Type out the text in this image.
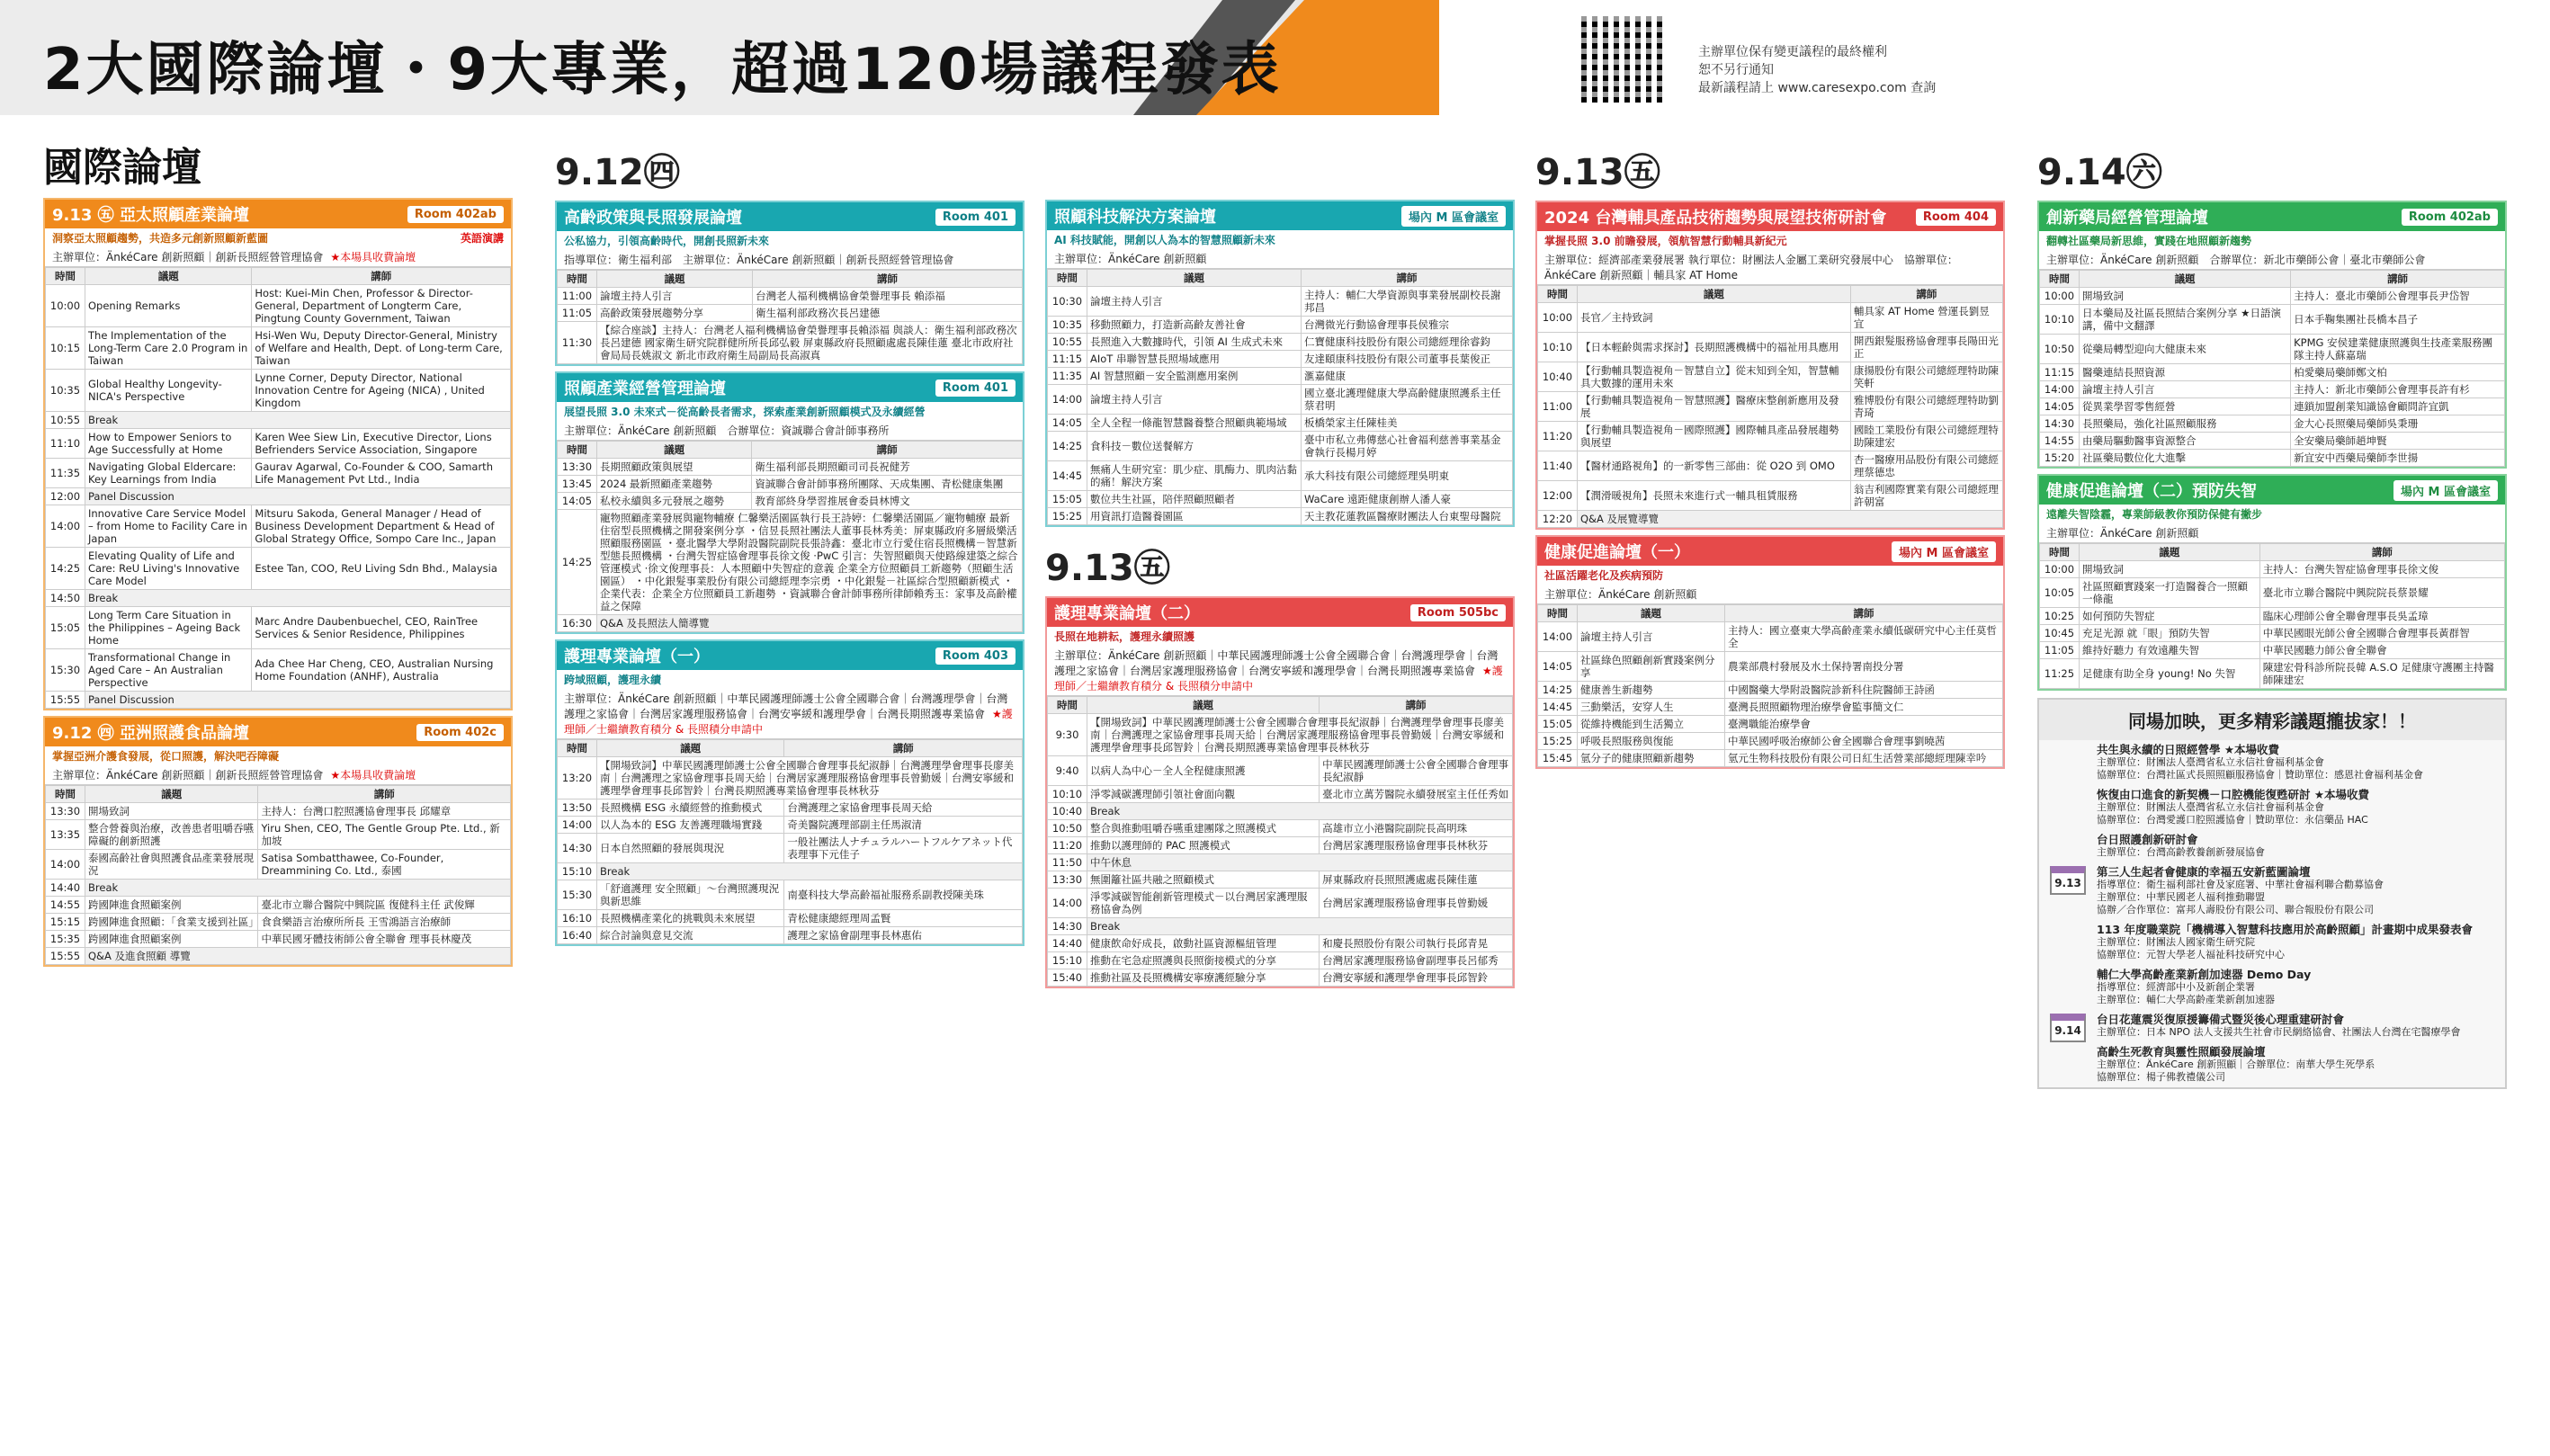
2大國際論壇・9大專業，超過120場議程發表	主辦單位保有變更議程的最終權利
恕不另行通知
最新議程請上 www.caresexpo.com 查詢
國際論壇
9.13 ㊄ 亞太照顧產業論壇	Room 402ab
洞察亞太照顧趨勢，共造多元創新照顧新藍圖	英語演講
主辦單位：ÄnkéCare 創新照顧｜創新長照經營管理協會 ★本場具收費論壇
時間	議題	講師
10:00	Opening Remarks	Host: Kuei-Min Chen, Professor & Director-General, Department of Longterm Care, Pingtung County Government, Taiwan
10:15	The Implementation of the Long-Term Care 2.0 Program in Taiwan	Hsi-Wen Wu, Deputy Director-General, Ministry of Welfare and Health, Dept. of Long-term Care, Taiwan
10:35	Global Healthy Longevity-NICA's Perspective	Lynne Corner, Deputy Director, National Innovation Centre for Ageing (NICA) , United Kingdom
10:55	Break	
11:10	How to Empower Seniors to Age Successfully at Home	Karen Wee Siew Lin, Executive Director, Lions Befrienders Service Association, Singapore
11:35	Navigating Global Eldercare: Key Learnings from India	Gaurav Agarwal, Co-Founder & COO, Samarth Life Management Pvt Ltd., India
12:00	Panel Discussion	
14:00	Innovative Care Service Model – from Home to Facility Care in Japan	Mitsuru Sakoda, General Manager / Head of Business Development Department & Head of Global Strategy Office, Sompo Care Inc., Japan
14:25	Elevating Quality of Life and Care: ReU Living's Innovative Care Model	Estee Tan, COO, ReU Living Sdn Bhd., Malaysia
14:50	Break	
15:05	Long Term Care Situation in the Philippines – Ageing Back Home	Marc Andre Daubenbuechel, CEO, RainTree Services & Senior Residence, Philippines
15:30	Transformational Change in Aged Care – An Australian Perspective	Ada Chee Har Cheng, CEO, Australian Nursing Home Foundation (ANHF), Australia
15:55	Panel Discussion	
9.12 ㊃ 亞洲照護食品論壇	Room 402c
掌握亞洲介護食發展，從口照護，解決吧吞障礙
主辦單位：ÄnkéCare 創新照顧｜創新長照經營管理協會 ★本場具收費論壇
時間	議題	講師
13:30	開場致詞	主持人：台灣口腔照護協會理事長 邱耀章
13:35	整合營養與治療，改善患者咀嚼吞嚥障礙的創新照護	Yiru Shen, CEO, The Gentle Group Pte. Ltd., 新加坡
14:00	泰國高齡社會與照護食品產業發展現況	Satisa Sombatthawee, Co-Founder, Dreammining Co. Ltd., 泰國
14:40	Break	
14:55	跨國陣進食照顧案例	臺北市立聯合醫院中興院區 復健科主任 武俊輝
15:15	跨國陣進食照顧：「食業支援到社區」	食食樂語言治療所所長 王雪鴻語言治療師
15:35	跨國陣進食照顧案例	中華民國牙體技術師公會全聯會 理事長林慶茂
15:55	Q&A 及進食照顧 導覽	
9.12㊃
高齡政策與長照發展論壇	Room 401
公私協力，引領高齡時代，開創長照新未來
指導單位：衛生福利部　 主辦單位：ÄnkéCare 創新照顧｜創新長照經營管理協會
時間	議題	講師
11:00	論壇主持人引言	台灣老人福利機構協會榮譽理事長 賴添福
11:05	高齡政策發展趨勢分享	衛生福利部政務次長呂建德
11:30	【綜合座談】主持人：台灣老人福利機構協會榮譽理事長賴添福 與談人：衛生福利部政務次長呂建德 國家衛生研究院群健所所長邱弘毅 屏東縣政府長照顧處處長陳佳蓮 臺北市政府社會局局長姚淑文 新北市政府衛生局副局長高淑真	
照顧產業經營管理論壇	Room 401
展望長照 3.0 未來式－從高齡長者需求，探索產業創新照顧模式及永續經營
主辦單位：ÄnkéCare 創新照顧　 合辦單位：資誠聯合會計師事務所
時間	議題	講師
13:30	長期照顧政策與展望	衛生福利部長期照顧司司長祝健芳
13:45	2024 最新照顧產業趨勢	資誠聯合會計師事務所團隊、天成集團、青松健康集團
14:05	私校永續與多元發展之趨勢	教育部終身學習推展會委員林博文
14:25	寵物照顧產業發展與寵物輔療 仁馨樂活園區執行長王詩婷：仁馨樂活園區／寵物輔療 最新住宿型長照機構之開發案例分享 ・信昱長照社團法人董事長林秀美：屏東縣政府多層級樂活照顧服務園區 ・臺北醫學大學附設醫院副院長張詩鑫：臺北市立行愛住宿長照機構－智慧新型態長照機構 ・台灣失智症協會理事長徐文俊 ‧PwC 引言：失智照顧與天使路線建築之綜合管運模式 ‧徐文俊理事長：人本照顧中失智症的意義 企業全方位照顧員工新趨勢（照顧生活園區） ・中化銀髮事業股份有限公司總經理李宗勇 ・中化銀髮－社區綜合型照顧新模式 ・企業代表：企業全方位照顧員工新趨勢 ・資誠聯合會計師事務所律師賴秀玉：家事及高齡權益之保障	
16:30	Q&A 及長照法人簡導覽	
護理專業論壇（一）	Room 403
跨域照顧，護理永續
主辦單位：ÄnkéCare 創新照顧｜中華民國護理師護士公會全國聯合會｜台灣護理學會｜台灣護理之家協會｜台灣居家護理服務協會｜台灣安寧緩和護理學會｜台灣長期照護專業協會 ★護理師／士繼續教育積分 & 長照積分申請中
時間	議題	講師
13:20	【開場致詞】中華民國護理師護士公會全國聯合會理事長紀淑靜｜台灣護理學會理事長廖美南｜台灣護理之家協會理事長周天給｜台灣居家護理服務協會理事長曾勤媛｜台灣安寧緩和護理學會理事長邱智鈴｜台灣長期照護專業協會理事長林秋芬	
13:50	長照機構 ESG 永續經營的推動模式	台灣護理之家協會理事長周天給
14:00	以人為本的 ESG 友善護理職場實踐	奇美醫院護理部副主任馬淑清
14:30	日本自然照顧的發展與現況	一般社團法人ナチュラルハートフルケアネット代表理事下元佳子
15:10	Break	
15:30	「舒適護理 安全照顧」～台灣照護現況與新思維	南臺科技大學高齡福祉服務系副教授陳美珠
16:10	長照機構產業化的挑戰與未來展望	青松健康總經理周孟賢
16:40	綜合討論與意見交流	護理之家協會副理事長林惠佑
照顧科技解決方案論壇	場內 M 區會議室
AI 科技賦能，開創以人為本的智慧照顧新未來
主辦單位：ÄnkéCare 創新照顧
時間	議題	講師
10:30	論壇主持人引言	主持人：輔仁大學資源與事業發展副校長謝邦昌
10:35	移動照顧力，打造新高齡友善社會	台灣微光行動協會理事長侯雅宗
10:55	長照進入大數據時代，引領 AI 生成式未來	仁寶健康科技股份有限公司總經理徐睿鈞
11:15	AIoT 串聯智慧長照場域應用	友達頤康科技股份有限公司董事長葉俊正
11:35	AI 智慧照顧－安全監測應用案例	滙嘉健康
14:00	論壇主持人引言	國立臺北護理健康大學高齡健康照護系主任蔡君明
14:05	全人全程一條龍智慧醫養整合照顧典範場域	板橋榮家主任陳桂美
14:25	食科技－數位送餐解方	臺中市私立弗傳慈心社會福利慈善事業基金會執行長楊月婷
14:45	無痛人生研究室：肌少症、肌酶力、肌肉沾黏的痛！解決方案	承大科技有限公司總經理吳明東
15:05	數位共生社區，陪伴照顧照顧者	WaCare 遠距健康創辦人潘人豪
15:25	用資訊打造醫養園區	天主教花蓮教區醫療財團法人台東聖母醫院
9.13㊄
護理專業論壇（二）	Room 505bc
長照在地耕耘，護理永續照護
主辦單位：ÄnkéCare 創新照顧｜中華民國護理師護士公會全國聯合會｜台灣護理學會｜台灣護理之家協會｜台灣居家護理服務協會｜台灣安寧緩和護理學會｜台灣長期照護專業協會 ★護理師／士繼續教育積分 & 長照積分申請中
時間	議題	講師
9:30	【開場致詞】中華民國護理師護士公會全國聯合會理事長紀淑靜｜台灣護理學會理事長廖美南｜台灣護理之家協會理事長周天給｜台灣居家護理服務協會理事長曾勤媛｜台灣安寧緩和護理學會理事長邱智鈴｜台灣長期照護專業協會理事長林秋芬	
9:40	以病人為中心－全人全程健康照護	中華民國護理師護士公會全國聯合會理事長紀淑靜
10:10	淨零減碳護理師引領社會面向觀	臺北市立萬芳醫院永續發展室主任任秀如
10:40	Break	
10:50	整合與推動咀嚼吞嚥重建團隊之照護模式	高雄市立小港醫院副院長高明珠
11:20	推動以護理師的 PAC 照護模式	台灣居家護理服務協會理事長林秋芬
11:50	中午休息	
13:30	無圍籬社區共融之照顧模式	屏東縣政府長照照護處處長陳佳蓮
14:00	淨零減碳智能創新管理模式－以台灣居家護理服務協會為例	台灣居家護理服務協會理事長曾勤媛
14:30	Break	
14:40	健康飲命好成長，啟動社區資源樞紐管理	和慶長照股份有限公司執行長邱青晃
15:10	推動在宅急症照護與長照銜接模式的分享	台灣居家護理服務協會副理事長呂郁秀
15:40	推動社區及長照機構安寧療護經驗分享	台灣安寧緩和護理學會理事長邱智鈴
9.13㊄
2024 台灣輔具產品技術趨勢與展望技術研討會	Room 404
掌握長照 3.0 前瞻發展，領航智慧行動輔具新紀元
主辦單位：經濟部產業發展署 執行單位：財團法人金屬工業研究發展中心　 協辦單位：ÄnkéCare 創新照顧｜輔具家 AT Home
時間	議題	講師
10:00	長官／主持致詞	輔具家 AT Home 營運長劉昱宜
10:10	【日本輕齡與需求探討】長期照護機構中的福祉用具應用	開西銀髮服務協會理事長陽田光正
10:40	【行動輔具製造視角－智慧自立】從末知到全知，智慧輔具大數據的運用未來	康揚股份有限公司總經理特助陳笑軒
11:00	【行動輔具製造視角－智慧照護】醫療床整創新應用及發展	雅博股份有限公司總經理特助劉青琦
11:20	【行動輔具製造視角－國際照護】國際輔具產品發展趨勢與展望	國睦工業股份有限公司總經理特助陳建宏
11:40	【醫材通路視角】的一新零售三部曲：從 O2O 到 OMO	杏一醫療用品股份有限公司總經理蔡德忠
12:00	【潤滑暖視角】長照未來進行式一輔具租賃服務	翁吉利國際實業有限公司總經理許朝富
12:20	Q&A 及展覽導覽	
健康促進論壇（一）	場內 M 區會議室
社區活躍老化及疾病預防
主辦單位：ÄnkéCare 創新照顧
時間	議題	講師
14:00	論壇主持人引言	主持人：國立臺東大學高齡產業永續低碳研究中心主任莫哲全
14:05	社區綠色照顧創新實踐案例分享	農業部農村發展及水土保持署南投分署
14:25	健康善生新趨勢	中國醫藥大學附設醫院診新科住院醫師王詩函
14:45	三動樂活，安穿人生	臺灣長照照顧物理治療學會監事簡文仁
15:05	從維持機能到生活獨立	臺灣職能治療學會
15:25	呼吸長照服務與復能	中華民國呼吸治療師公會全國聯合會理事劉曉茜
15:45	氫分子的健康照顧新趨勢	氫元生物科技股份有限公司日紅生活營業部總經理陳幸吟
9.14㊅
創新藥局經營管理論壇	Room 402ab
翻轉社區藥局新思維，實踐在地照顧新趨勢
主辦單位：ÄnkéCare 創新照顧　 合辦單位：新北市藥師公會｜臺北市藥師公會
時間	議題	講師
10:00	開場致詞	主持人：臺北市藥師公會理事長尹岱智
10:10	日本藥局及社區長照結合案例分享 ★日語演講，備中文翻譯	日本手鞠集團社長橋本昌子
10:50	從藥局轉型迎向大健康未來	KPMG 安侯建業健康照護與生技產業服務團隊主持人蘇嘉瑞
11:15	醫藥連結長照資源	柏愛藥局藥師鄭文柏
14:00	論壇主持人引言	主持人：新北市藥師公會理事長許有杉
14:05	從異業學習零售經營	連鎖加盟創業知識協會顧問許宜凱
14:30	長照藥局，強化社區照顧服務	金大心長照藥局藥師吳秉珊
14:55	由藥局驅動醫事資源整合	全安藥局藥師趙坤賢
15:20	社區藥局數位化大進擊	新宜安中西藥局藥師李世揚
健康促進論壇（二）預防失智	場內 M 區會議室
遠離失智陰霾，專業師級教你預防保健有撇步
主辦單位：ÄnkéCare 創新照顧
時間	議題	講師
10:00	開場致詞	主持人：台灣失智症協會理事長徐文俊
10:05	社區照顧實踐案一打造醫養合一照顧一條龍	臺北市立聯合醫院中興院院長蔡景耀
10:25	如何預防失智症	臨床心理師公會全聯會理事長吳孟璋
10:45	充足光源 就「眼」預防失智	中華民國眼光師公會全國聯合會理事長黃群智
11:05	維持好聽力 有效遠離失智	中華民國聽力師公會全聯會
11:25	足健康有助全身 young! No 失智	陳建宏骨科診所院長韓 A.S.O 足健康守護團主持醫師陳建宏
同場加映，更多精彩議題攏拔家！！
共生與永續的日照經營學 ★本場收費
主辦單位：財團法人臺灣省私立永信社會福利基金會
協辦單位：台灣社區式長照照顧服務協會｜贊助單位：感恩社會福利基金會
恢復由口進食的新契機－口腔機能復甦研討 ★本場收費
主辦單位：財團法人臺灣省私立永信社會福利基金會
協辦單位：台灣愛護口腔照護協會｜贊助單位：永信藥品 HAC
台日照護創新研討會
主辦單位：台灣高齡教養創新發展協會
9.13
第三人生起者會健康的幸福五安新藍圖論壇
指導單位：衛生福利部社會及家庭署、中華社會福利聯合勸募協會
主辦單位：中華民國老人福利推動聯盟
協辦／合作單位：富邦人壽股份有限公司、聯合報股份有限公司
113 年度職業院「機構導入智慧科技應用於高齡照顧」計畫期中成果發表會
主辦單位：財團法人國家衛生研究院
協辦單位：元智大學老人福祉科技研究中心
輔仁大學高齡產業新創加速器 Demo Day
指導單位：經濟部中小及新創企業署
主辦單位：輔仁大學高齡產業新創加速器
9.14
台日花蓮震災復原援籌備式暨災後心理重建研討會
主辦單位：日本 NPO 法人支援共生社會市民網絡協會、社團法人台灣在宅醫療學會
高齡生死教育與靈性照顧發展論壇
主辦單位：ÄnkéCare 創新照顧｜合辦單位：南華大學生死學系
協辦單位：楊子佛教禮儀公司
